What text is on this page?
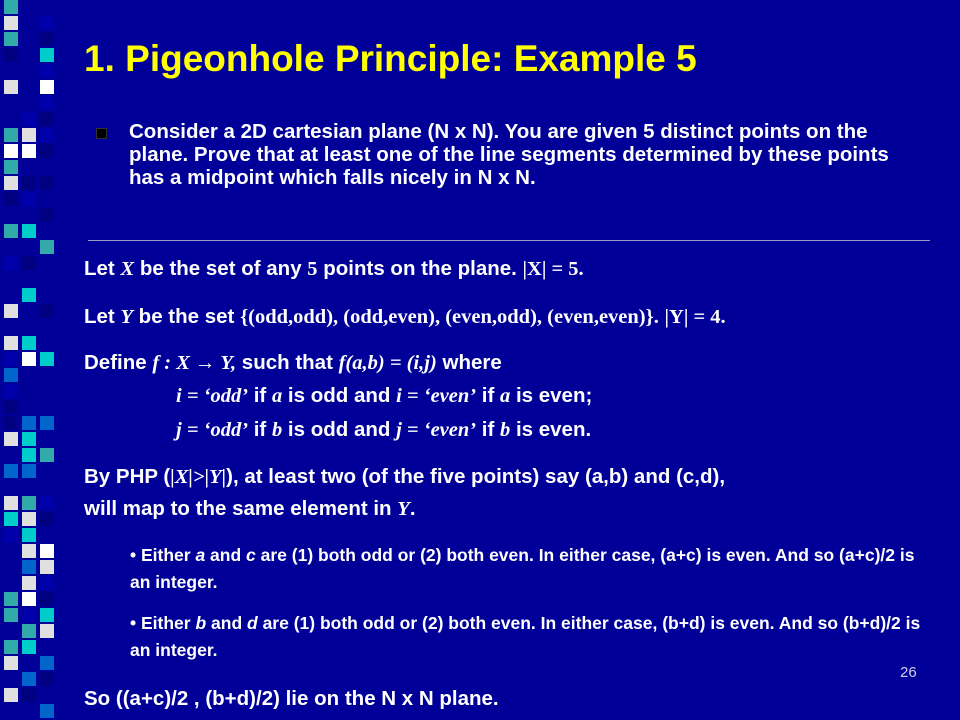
1. Pigeonhole Principle: Example 5
Consider a 2D cartesian plane (N x N). You are given 5 distinct points on the plane. Prove that at least one of the line segments determined by these points has a midpoint which falls nicely in N x N.
Let X be the set of any 5 points on the plane. |X| = 5.
Let Y be the set {(odd,odd), (odd,even), (even,odd), (even,even)}. |Y| = 4.
Define f : X → Y, such that f(a,b) = (i,j) where
i = ‘odd’ if a is odd and i = ‘even’ if a is even;
j = ‘odd’ if b is odd and j = ‘even’ if b is even.
By PHP (|X|>|Y|), at least two (of the five points) say (a,b) and (c,d),
will map to the same element in Y.
• Either a and c are (1) both odd or (2) both even. In either case, (a+c) is even. And so (a+c)/2 is an integer.
• Either b and d are (1) both odd or (2) both even. In either case, (b+d) is even. And so (b+d)/2 is an integer.
So ((a+c)/2 , (b+d)/2) lie on the N x N plane.
26
